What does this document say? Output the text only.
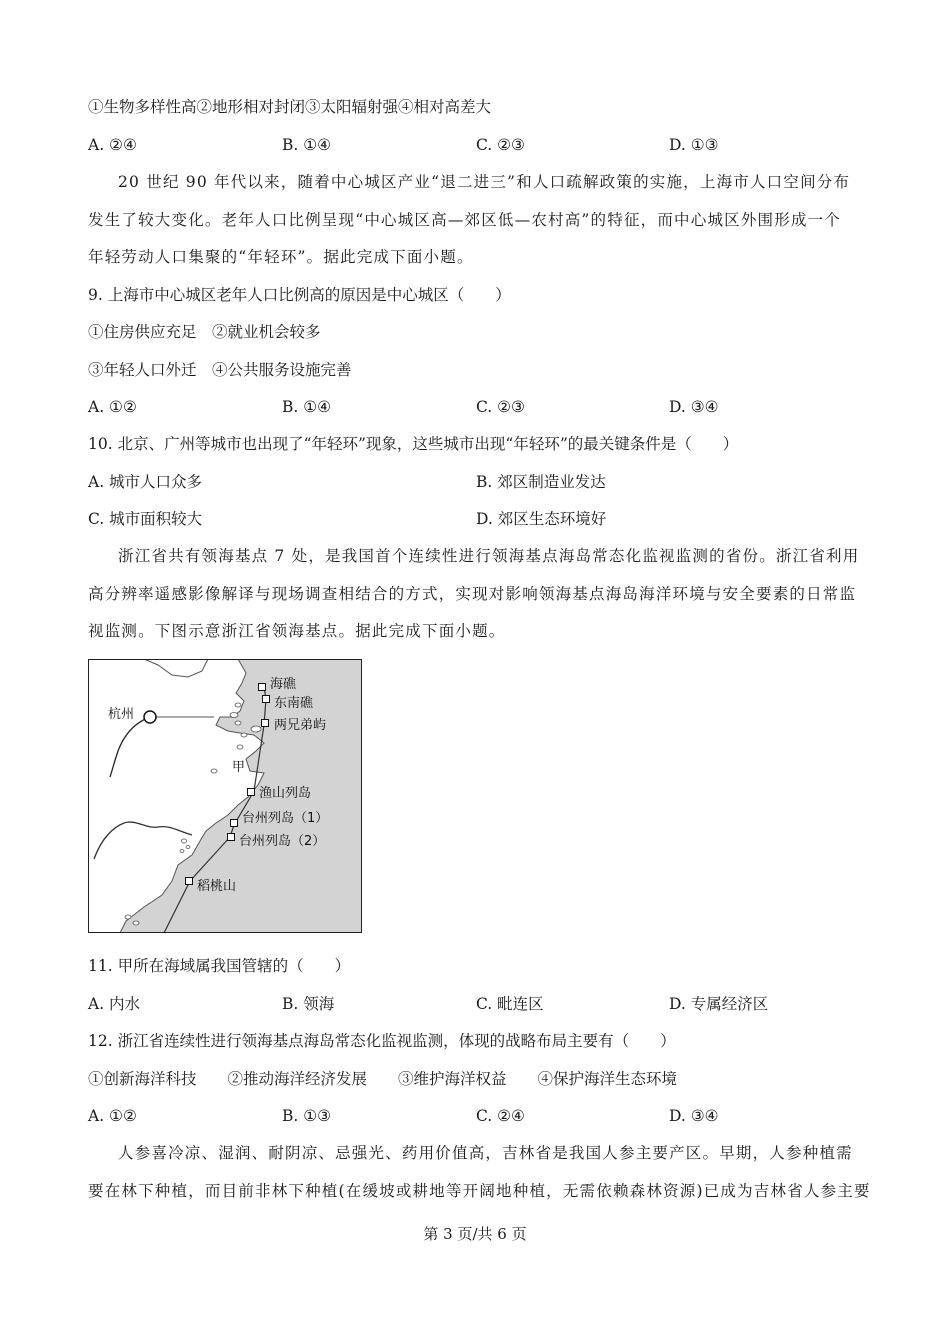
①生物多样性高②地形相对封闭③太阳辐射强④相对高差大
A. ②④	B. ①④	C. ②③	D. ①③
20 世纪 90 年代以来，随着中心城区产业“退二进三”和人口疏解政策的实施，上海市人口空间分布
发生了较大变化。老年人口比例呈现“中心城区高—郊区低—农村高”的特征，而中心城区外围形成一个
年轻劳动人口集聚的“年轻环”。据此完成下面小题。
9. 上海市中心城区老年人口比例高的原因是中心城区（　　）
①住房供应充足　②就业机会较多
③年轻人口外迁　④公共服务设施完善
A. ①②	B. ①④	C. ②③	D. ③④
10. 北京、广州等城市也出现了“年轻环”现象，这些城市出现“年轻环”的最关键条件是（　　）
A. 城市人口众多	B. 郊区制造业发达
C. 城市面积较大	D. 郊区生态环境好
浙江省共有领海基点 7 处，是我国首个连续性进行领海基点海岛常态化监视监测的省份。浙江省利用
高分辨率遥感影像解译与现场调查相结合的方式，实现对影响领海基点海岛海洋环境与安全要素的日常监
视监测。下图示意浙江省领海基点。据此完成下面小题。
杭州
甲
海礁
东南礁
两兄弟屿
渔山列岛
台州列岛（1）
台州列岛（2）
稻桃山
11. 甲所在海域属我国管辖的（　　）
A. 内水	B. 领海	C. 毗连区	D. 专属经济区
12. 浙江省连续性进行领海基点海岛常态化监视监测，体现的战略布局主要有（　　）
①创新海洋科技　　②推动海洋经济发展　　③维护海洋权益　　④保护海洋生态环境
A. ①②	B. ①③	C. ②④	D. ③④
人参喜冷凉、湿润、耐阴凉、忌强光、药用价值高，吉林省是我国人参主要产区。早期，人参种植需
要在林下种植，而目前非林下种植(在缓坡或耕地等开阔地种植，无需依赖森林资源)已成为吉林省人参主要
第 3 页/共 6 页
